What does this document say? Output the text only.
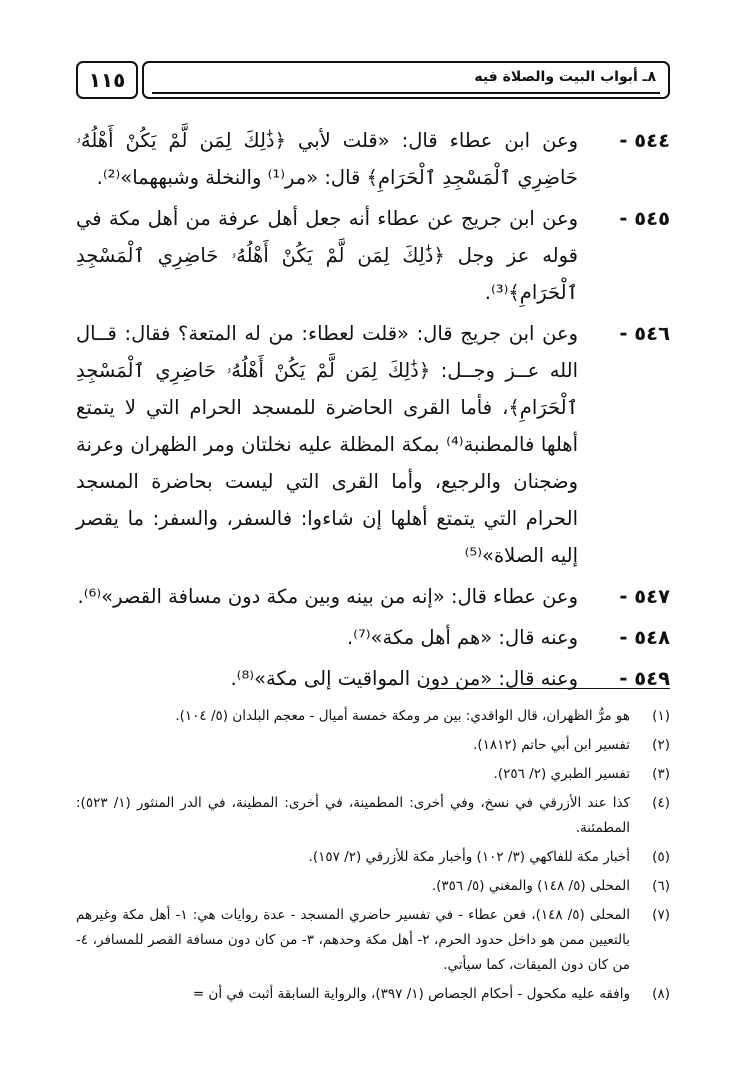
١١٥	٨ـ أبواب البيت والصلاة فيه
٥٤٤ -
وعن ابن عطاء قال: «قلت لأبي ﴿ذَٰلِكَ لِمَن لَّمْ يَكُنْ أَهْلُهُۥ حَاضِرِي ٱلْمَسْجِدِ ٱلْحَرَامِ﴾ قال: «مر⁽¹⁾ والنخلة وشبههما»⁽²⁾.
٥٤٥ -
وعن ابن جريج عن عطاء أنه جعل أهل عرفة من أهل مكة في قوله عز وجل ﴿ذَٰلِكَ لِمَن لَّمْ يَكُنْ أَهْلُهُۥ حَاضِرِي ٱلْمَسْجِدِ ٱلْحَرَامِ﴾⁽³⁾.
٥٤٦ -
وعن ابن جريج قال: «قلت لعطاء: من له المتعة؟ فقال: قــال الله عــز وجــل: ﴿ذَٰلِكَ لِمَن لَّمْ يَكُنْ أَهْلُهُۥ حَاضِرِي ٱلْمَسْجِدِ ٱلْحَرَامِ﴾، فأما القرى الحاضرة للمسجد الحرام التي لا يتمتع أهلها فالمطنبة⁽⁴⁾ بمكة المظلة عليه نخلتان ومر الظهران وعرنة وضجنان والرجيع، وأما القرى التي ليست بحاضرة المسجد الحرام التي يتمتع أهلها إن شاءوا: فالسفر، والسفر: ما يقصر إليه الصلاة»⁽⁵⁾
٥٤٧ -
وعن عطاء قال: «إنه من بينه وبين مكة دون مسافة القصر»⁽⁶⁾.
٥٤٨ -
وعنه قال: «هم أهل مكة»⁽⁷⁾.
٥٤٩ -
وعنه قال: «من دون المواقيت إلى مكة»⁽⁸⁾.
(١)
هو مرُّ الظهران، قال الواقدي: بين مر ومكة خمسة أميال - معجم البلدان (٥/ ١٠٤).
(٢)
تفسير ابن أبي حاتم (١٨١٢).
(٣)
تفسير الطبري (٢/ ٢٥٦).
(٤)
كذا عند الأزرقي في نسخ، وفي أخرى: المطمينة، في أخرى: المطينة، في الدر المنثور (١/ ٥٢٣): المطمئنة.
(٥)
أخبار مكة للفاكهي (٣/ ١٠٢) وأخبار مكة للأزرقي (٢/ ١٥٧).
(٦)
المحلى (٥/ ١٤٨) والمغني (٥/ ٣٥٦).
(٧)
المحلى (٥/ ١٤٨)، فعن عطاء - في تفسير حاضري المسجد - عدة روايات هي: ١- أهل مكة وغيرهم بالتعيين ممن هو داخل حدود الحرم، ٢- أهل مكة وحدهم، ٣- من كان دون مسافة القصر للمسافر، ٤- من كان دون الميقات، كما سيأتي.
(٨)
وافقه عليه مكحول - أحكام الجصاص (١/ ٣٩٧)، والرواية السابقة أثبت في أن =
